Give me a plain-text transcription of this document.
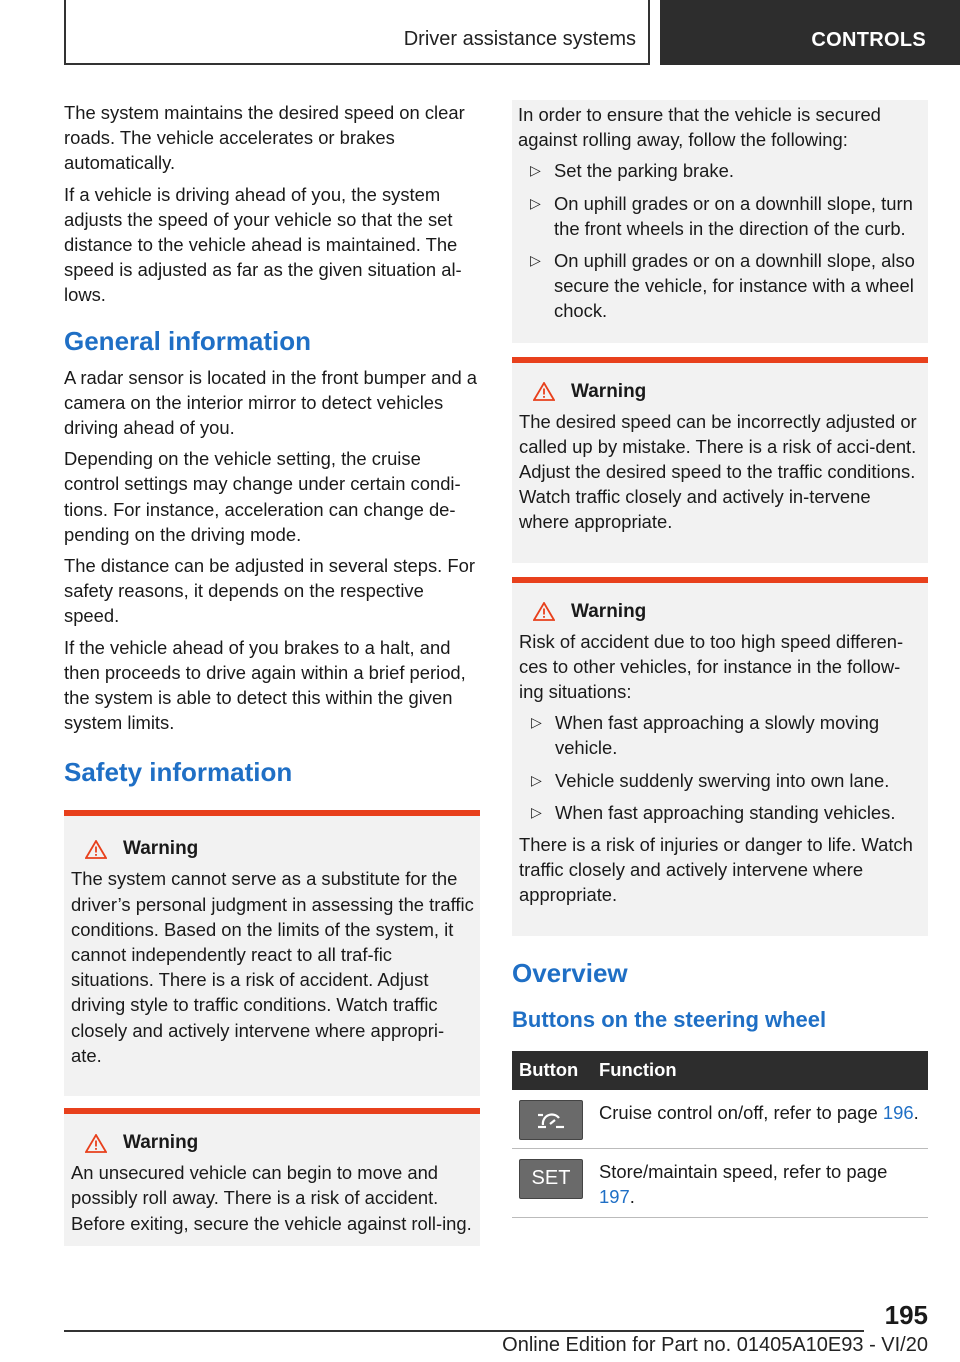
Driver assistance systems	CONTROLS

The system maintains the desired speed on clear roads. The vehicle accelerates or brakes automatically.

If a vehicle is driving ahead of you, the system adjusts the speed of your vehicle so that the set distance to the vehicle ahead is maintained. The speed is adjusted as far as the given situation al-lows.

General information

A radar sensor is located in the front bumper and a camera on the interior mirror to detect vehicles driving ahead of you.

Depending on the vehicle setting, the cruise control settings may change under certain condi-tions. For instance, acceleration can change de-pending on the driving mode.

The distance can be adjusted in several steps. For safety reasons, it depends on the respective speed.

If the vehicle ahead of you brakes to a halt, and then proceeds to drive again within a brief period, the system is able to detect this within the given system limits.

Safety information
Warning

The system cannot serve as a substitute for the driver’s personal judgment in assessing the traffic conditions. Based on the limits of the system, it cannot independently react to all traf-fic situations. There is a risk of accident. Adjust driving style to traffic conditions. Watch traffic closely and actively intervene where appropri-ate.

Warning

An unsecured vehicle can begin to move and possibly roll away. There is a risk of accident. Before exiting, secure the vehicle against roll-ing.

In order to ensure that the vehicle is secured against rolling away, follow the following:

▷ Set the parking brake.
▷ On uphill grades or on a downhill slope, turn the front wheels in the direction of the curb.
▷ On uphill grades or on a downhill slope, also secure the vehicle, for instance with a wheel chock.
Warning

The desired speed can be incorrectly adjusted or called up by mistake. There is a risk of acci-dent. Adjust the desired speed to the traffic conditions. Watch traffic closely and actively in-tervene where appropriate.

Warning

Risk of accident due to too high speed differen-ces to other vehicles, for instance in the follow-ing situations:

▷ When fast approaching a slowly moving vehicle.
▷ Vehicle suddenly swerving into own lane.
▷ When fast approaching standing vehicles.

There is a risk of injuries or danger to life. Watch traffic closely and actively intervene where appropriate.

Overview
Buttons on the steering wheel
Button	Function

	Cruise control on/off, refer to page 196.

SET	Store/maintain speed, refer to page 197.
195
Online Edition for Part no. 01405A10E93 - VI/20
